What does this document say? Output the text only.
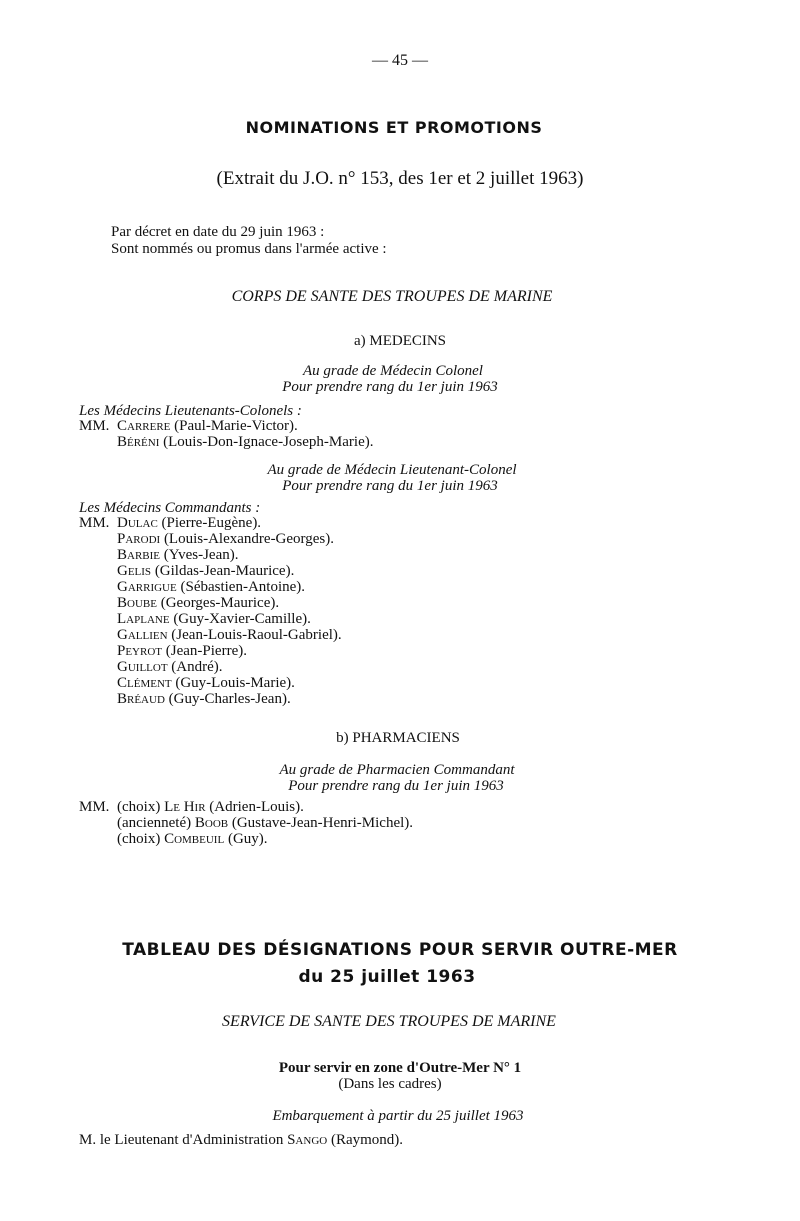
— 45 —
NOMINATIONS ET PROMOTIONS
(Extrait du J.O. n° 153, des 1er et 2 juillet 1963)
Par décret en date du 29 juin 1963 :
Sont nommés ou promus dans l'armée active :
CORPS DE SANTE DES TROUPES DE MARINE
a) MEDECINS
Au grade de Médecin Colonel
Pour prendre rang du 1er juin 1963
Les Médecins Lieutenants-Colonels :
MM. Carrere (Paul-Marie-Victor).
Béréni (Louis-Don-Ignace-Joseph-Marie).
Au grade de Médecin Lieutenant-Colonel
Pour prendre rang du 1er juin 1963
Les Médecins Commandants :
MM. Dulac (Pierre-Eugène).
Parodi (Louis-Alexandre-Georges).
Barbie (Yves-Jean).
Gelis (Gildas-Jean-Maurice).
Garrigue (Sébastien-Antoine).
Boube (Georges-Maurice).
Laplane (Guy-Xavier-Camille).
Gallien (Jean-Louis-Raoul-Gabriel).
Peyrot (Jean-Pierre).
Guillot (André).
Clément (Guy-Louis-Marie).
Bréaud (Guy-Charles-Jean).
b) PHARMACIENS
Au grade de Pharmacien Commandant
Pour prendre rang du 1er juin 1963
MM. (choix) Le Hir (Adrien-Louis).
(ancienneté) Boob (Gustave-Jean-Henri-Michel).
(choix) Combeuil (Guy).
TABLEAU DES DÉSIGNATIONS POUR SERVIR OUTRE-MER
du 25 juillet 1963
SERVICE DE SANTE DES TROUPES DE MARINE
Pour servir en zone d'Outre-Mer N° 1
(Dans les cadres)
Embarquement à partir du 25 juillet 1963
M. le Lieutenant d'Administration Sango (Raymond).
